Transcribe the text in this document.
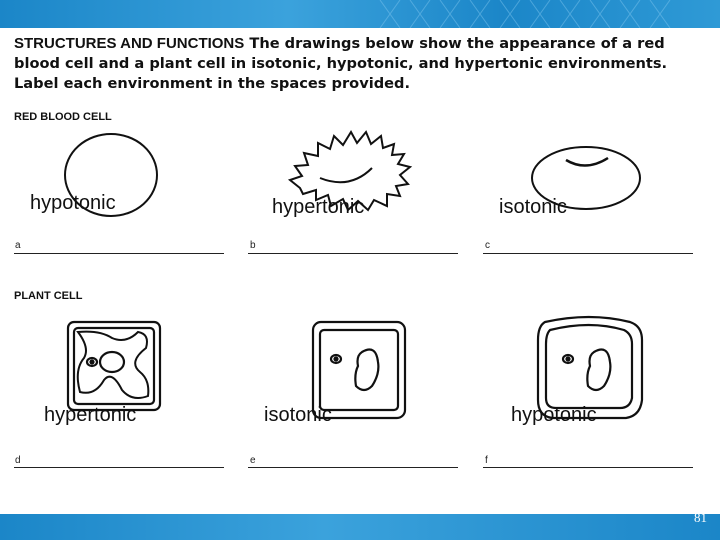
STRUCTURES AND FUNCTIONS The drawings below show the appearance of a red blood cell and a plant cell in isotonic, hypotonic, and hypertonic environments. Label each environment in the spaces provided.
RED BLOOD CELL
PLANT CELL
hypotonic	hypertonic	isotonic
hypertonic	isotonic	hypotonic
a	b	c
d	e	f
81
